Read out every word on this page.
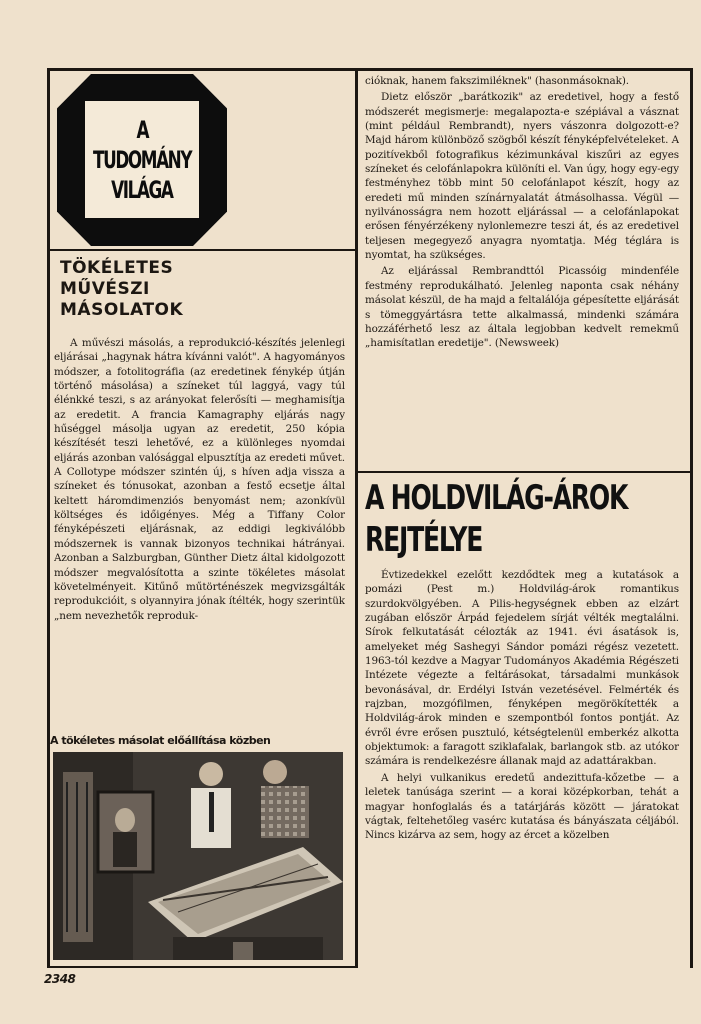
A
TUDOMÁNY
VILÁGA
TÖKÉLETES
MŰVÉSZI
MÁSOLATOK

A művészi másolás, a reprodukció-készítés jelenlegi eljárásai „hagynak hátra kívánni valót". A hagyományos módszer, a fotolitográfia (az eredetinek fénykép útján történő másolása) a színeket túl laggyá, vagy túl élénkké teszi, s az arányokat felerősíti — meghamisítja az eredetit. A francia Kamagraphy eljárás nagy hűséggel másolja ugyan az eredetit, 250 kópia készítését teszi lehetővé, ez a különleges nyomdai eljárás azonban valósággal elpusztítja az eredeti művet. A Collotype módszer szintén új, s híven adja vissza a színeket és tónusokat, azonban a festő ecsetje által keltett háromdimenziós benyomást nem; azonkívül költséges és időigényes. Még a Tiffany Color fényképészeti eljárásnak, az eddigi legkiválóbb módszernek is vannak bizonyos technikai hátrányai. Azonban a Salzburgban, Günther Dietz által kidolgozott módszer megvalósította a szinte tökéletes másolat követelményeit. Kitűnő műtörténészek megvizsgálták reprodukcióit, s olyannyira jónak ítélték, hogy szerintük „nem nevezhetők reproduk-

A tökéletes másolat előállítása közben

cióknak, hanem fakszimiléknek" (hasonmásoknak).

Dietz először „barátkozik" az eredetivel, hogy a festő módszerét megismerje: megalapozta-e szépiával a vásznat (mint például Rembrandt), nyers vászonra dolgozott-e? Majd három különböző szögből készít fényképfelvételeket. A pozitívekből fotografikus kézimunkával kiszűri az egyes színeket és celofánlapokra különíti el. Van úgy, hogy egy-egy festményhez több mint 50 celofánlapot készít, hogy az eredeti mű minden színárnyalatát átmásolhassa. Végül — nyilvánosságra nem hozott eljárással — a celofánlapokat erősen fényérzékeny nylonlemezre teszi át, és az eredetivel teljesen megegyező anyagra nyomtatja. Még téglára is nyomtat, ha szükséges.

Az eljárással Rembrandttól Picassóig mindenféle festmény reprodukálható. Jelenleg naponta csak néhány másolat készül, de ha majd a feltalálója gépesítette eljárását s tömeggyártásra tette alkalmassá, mindenki számára hozzáférhető lesz az általa legjobban kedvelt remekmű „hamisítatlan eredetije". (Newsweek)

A HOLDVILÁG-ÁROK
REJTÉLYE

Évtizedekkel ezelőtt kezdődtek meg a kutatások a pomázi (Pest m.) Holdvilág-árok romantikus szurdokvölgyében. A Pilis-hegységnek ebben az elzárt zugában először Árpád fejedelem sírját vélték megtalálni. Sírok felkutatását célozták az 1941. évi ásatások is, amelyeket még Sashegyi Sándor pomázi régész vezetett. 1963-tól kezdve a Magyar Tudományos Akadémia Régészeti Intézete végezte a feltárásokat, társadalmi munkások bevonásával, dr. Erdélyi István vezetésével. Felmérték és rajzban, mozgófilmen, fényképen megörökítették a Holdvilág-árok minden e szempontból fontos pontját. Az évről évre erősen pusztuló, kétségtelenül emberkéz alkotta objektumok: a faragott sziklafalak, barlangok stb. az utókor számára is rendelkezésre állanak majd az adattárakban.

A helyi vulkanikus eredetű andezittufa-kőzetbe — a leletek tanúsága szerint — a korai középkorban, tehát a magyar honfoglalás és a tatárjárás között — járatokat vágtak, feltehetőleg vasérc kutatása és bányászata céljából. Nincs kizárva az sem, hogy az ércet a közelben

2348
